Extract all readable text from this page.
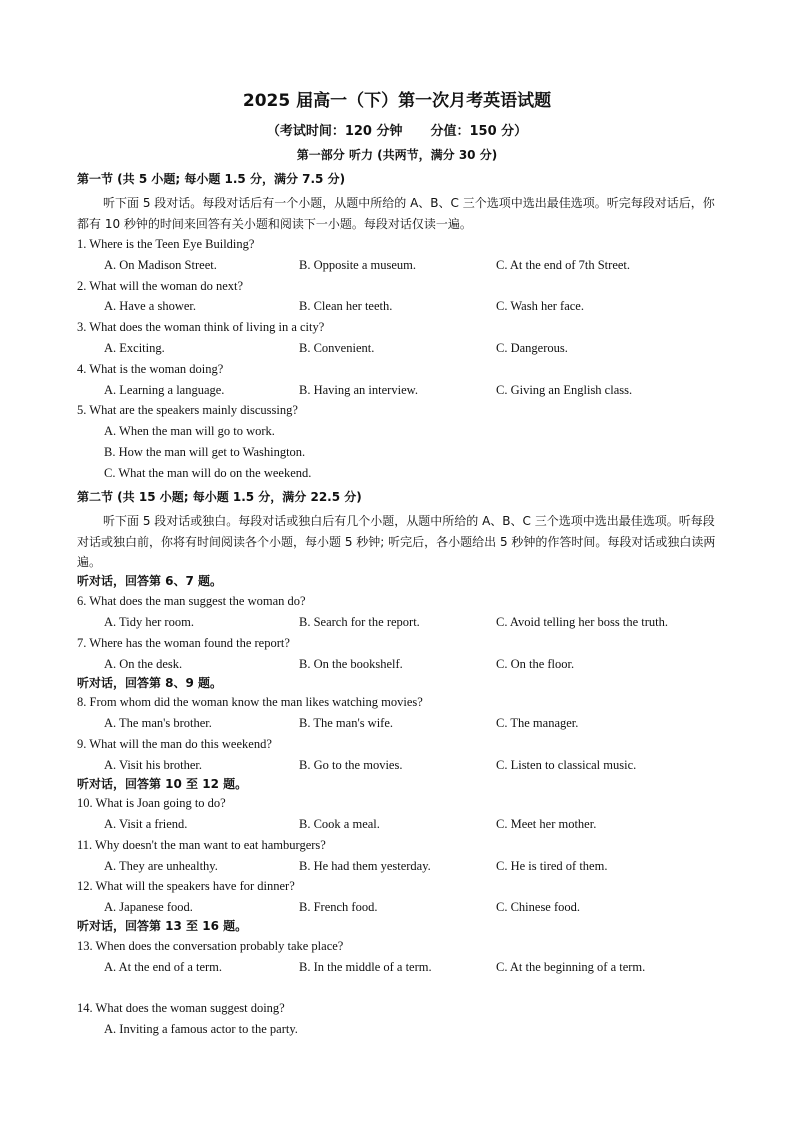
2025 届高一（下）第一次月考英语试题
（考试时间：120 分钟 分值：150 分）
第一部分 听力 (共两节，满分 30 分)
第一节 (共 5 小题; 每小题 1.5 分，满分 7.5 分)
听下面 5 段对话。每段对话后有一个小题，从题中所给的 A、B、C 三个选项中选出最佳选项。听完每段对话后，你都有 10 秒钟的时间来回答有关小题和阅读下一小题。每段对话仅读一遍。
1. Where is the Teen Eye Building?
A. On Madison Street.	B. Opposite a museum.	C. At the end of 7th Street.
2. What will the woman do next?
A. Have a shower.	B. Clean her teeth.	C. Wash her face.
3. What does the woman think of living in a city?
A. Exciting.	B. Convenient.	C. Dangerous.
4. What is the woman doing?
A. Learning a language.	B. Having an interview.	C. Giving an English class.
5. What are the speakers mainly discussing?
A. When the man will go to work.
B. How the man will get to Washington.
C. What the man will do on the weekend.
第二节 (共 15 小题; 每小题 1.5 分，满分 22.5 分)
听下面 5 段对话或独白。每段对话或独白后有几个小题，从题中所给的 A、B、C 三个选项中选出最佳选项。听每段对话或独白前，你将有时间阅读各个小题，每小题 5 秒钟; 听完后，各小题给出 5 秒钟的作答时间。每段对话或独白读两遍。
听对话，回答第 6、7 题。
6. What does the man suggest the woman do?
A. Tidy her room.	B. Search for the report.	C. Avoid telling her boss the truth.
7. Where has the woman found the report?
A. On the desk.	B. On the bookshelf.	C. On the floor.
听对话，回答第 8、9 题。
8. From whom did the woman know the man likes watching movies?
A. The man's brother.	B. The man's wife.	C. The manager.
9. What will the man do this weekend?
A. Visit his brother.	B. Go to the movies.	C. Listen to classical music.
听对话，回答第 10 至 12 题。
10. What is Joan going to do?
A. Visit a friend.	B. Cook a meal.	C. Meet her mother.
11. Why doesn't the man want to eat hamburgers?
A. They are unhealthy.	B. He had them yesterday.	C. He is tired of them.
12. What will the speakers have for dinner?
A. Japanese food.	B. French food.	C. Chinese food.
听对话，回答第 13 至 16 题。
13. When does the conversation probably take place?
A. At the end of a term.	B. In the middle of a term.	C. At the beginning of a term.
14. What does the woman suggest doing?
A. Inviting a famous actor to the party.
